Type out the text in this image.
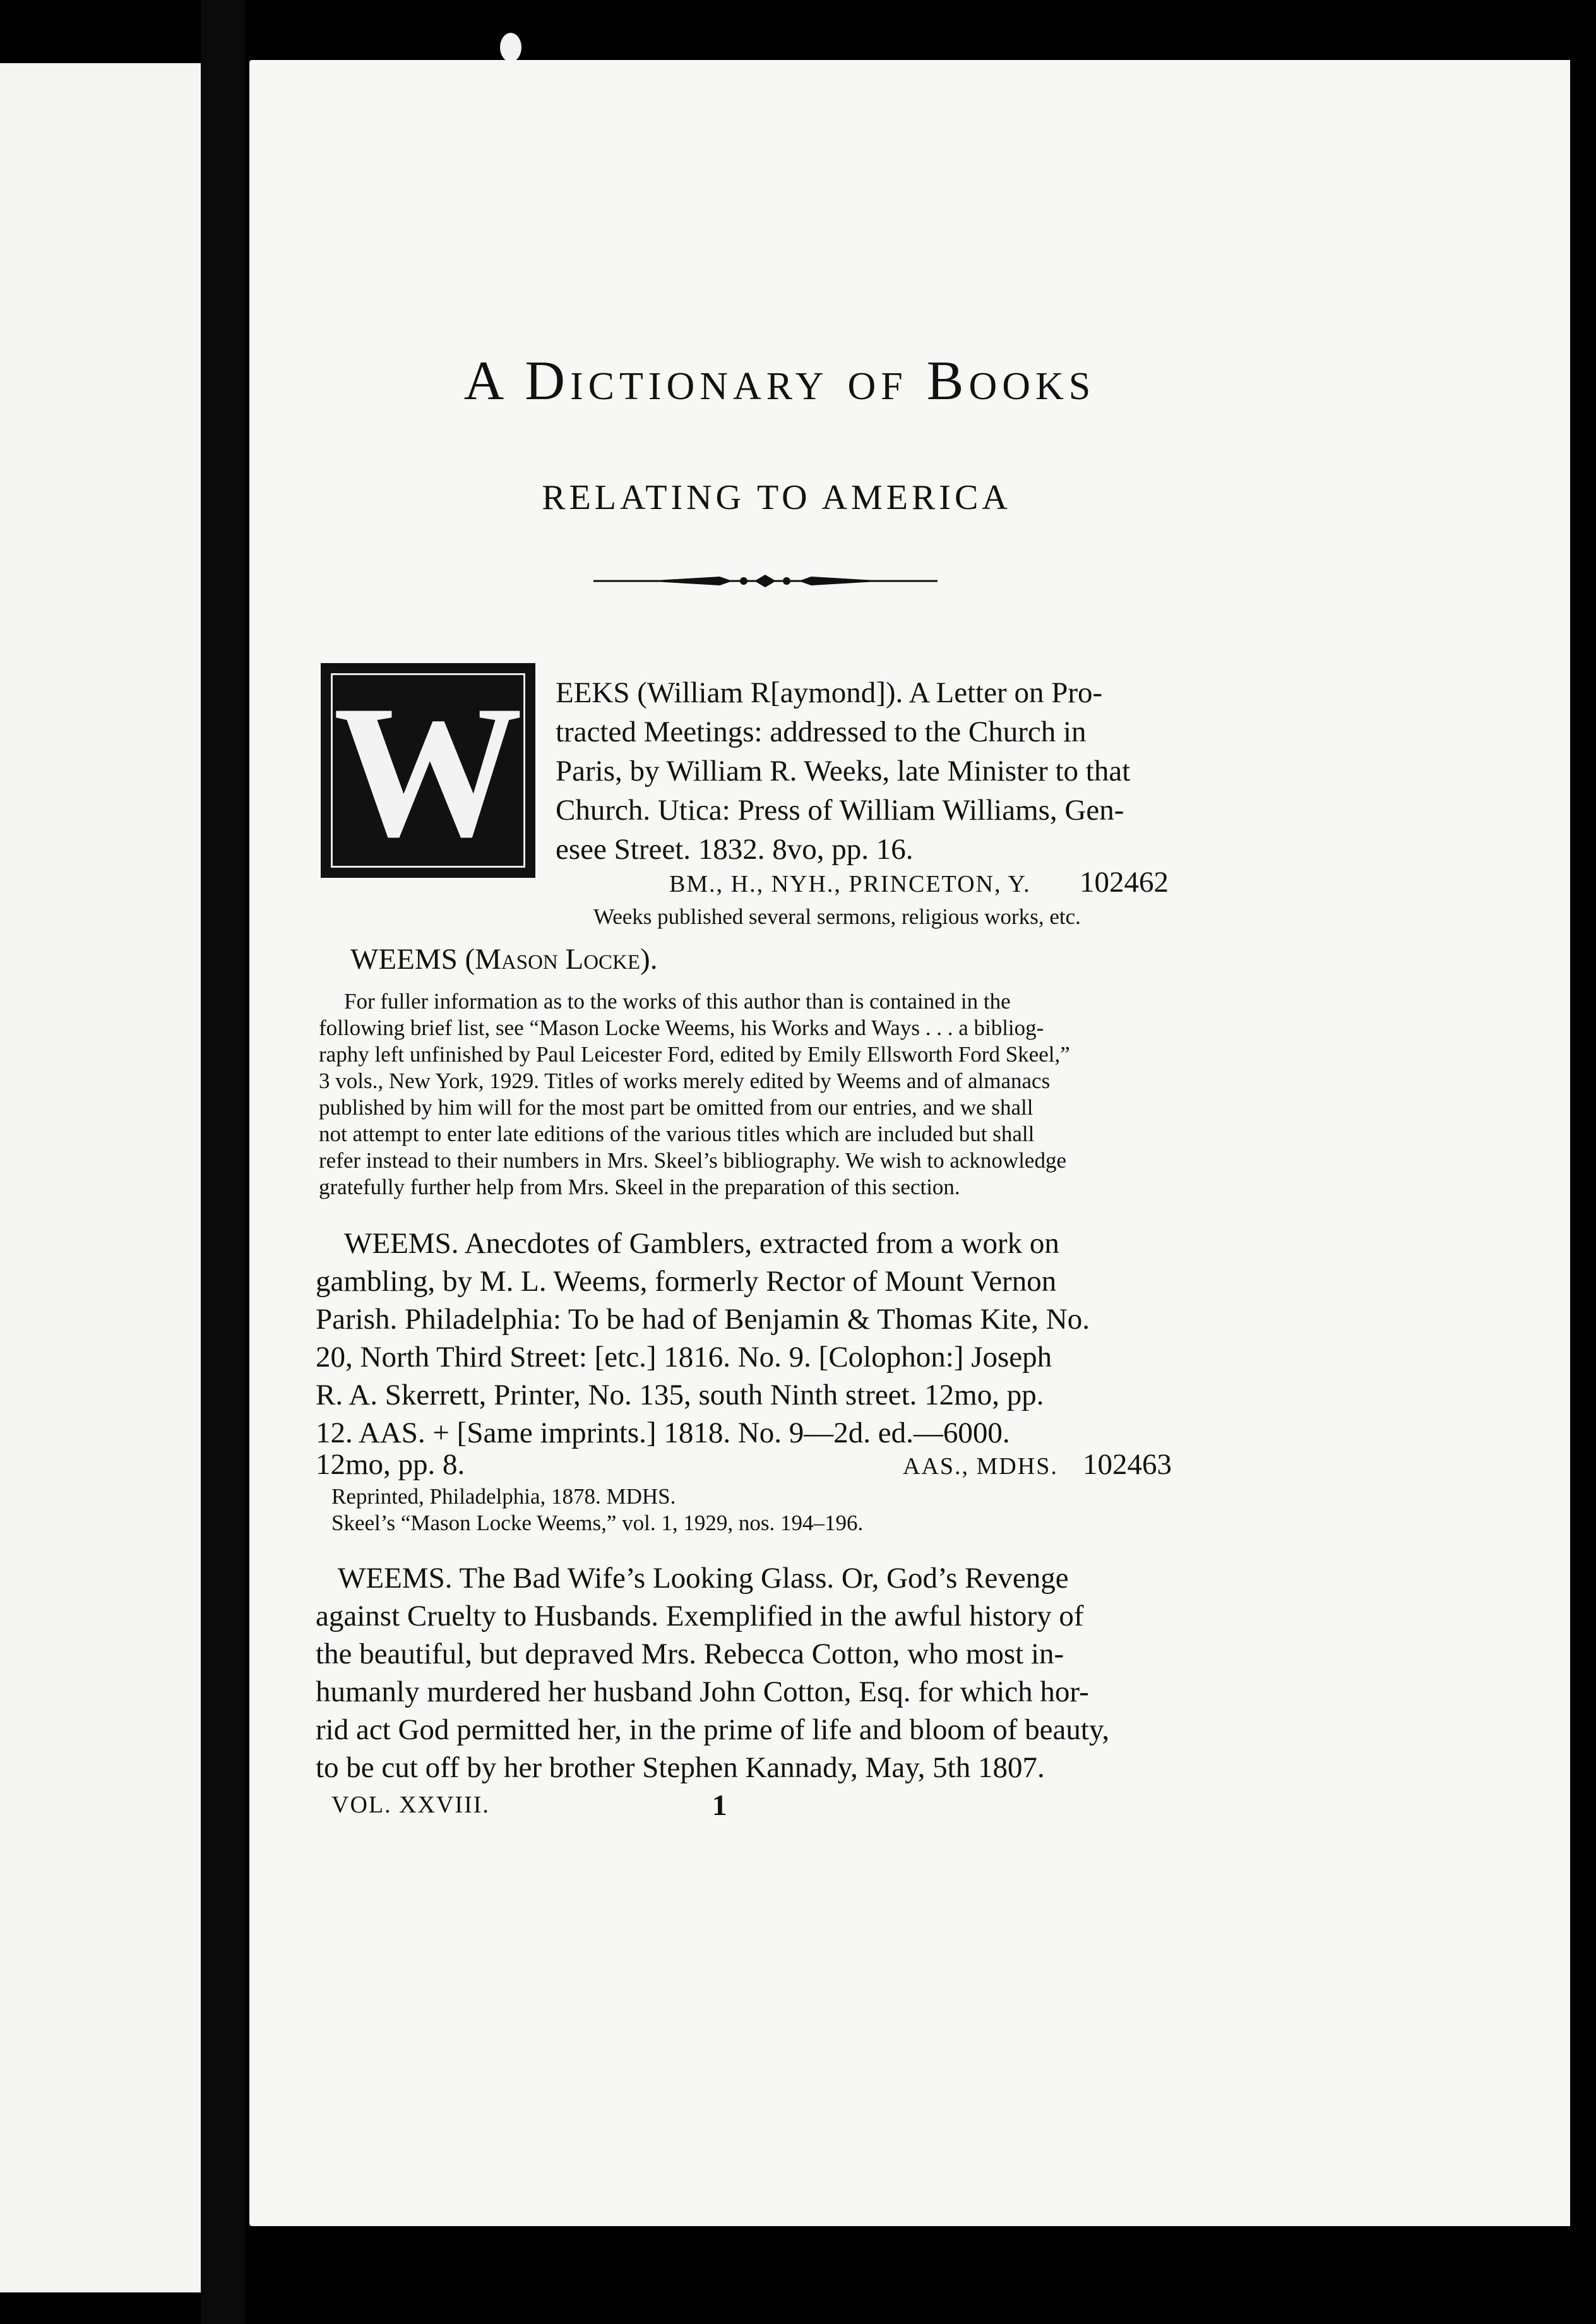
A Dictionary of Books
RELATING TO AMERICA
W EEKS (William R[aymond]). A Letter on Pro-
tracted Meetings: addressed to the Church in
Paris, by William R. Weeks, late Minister to that
Church. Utica: Press of William Williams, Gen-
esee Street. 1832. 8vo, pp. 16.
BM., H., NYH., PRINCETON, Y. 102462
Weeks published several sermons, religious works, etc.
WEEMS (Mason Locke).
For fuller information as to the works of this author than is contained in the
following brief list, see “Mason Locke Weems, his Works and Ways . . . a bibliog-
raphy left unfinished by Paul Leicester Ford, edited by Emily Ellsworth Ford Skeel,”
3 vols., New York, 1929. Titles of works merely edited by Weems and of almanacs
published by him will for the most part be omitted from our entries, and we shall
not attempt to enter late editions of the various titles which are included but shall
refer instead to their numbers in Mrs. Skeel’s bibliography. We wish to acknowledge
gratefully further help from Mrs. Skeel in the preparation of this section.
WEEMS. Anecdotes of Gamblers, extracted from a work on
gambling, by M. L. Weems, formerly Rector of Mount Vernon
Parish. Philadelphia: To be had of Benjamin & Thomas Kite, No.
20, North Third Street: [etc.] 1816. No. 9. [Colophon:] Joseph
R. A. Skerrett, Printer, No. 135, south Ninth street. 12mo, pp.
12. AAS. + [Same imprints.] 1818. No. 9—2d. ed.—6000.
12mo, pp. 8.	AAS., MDHS. 102463
Reprinted, Philadelphia, 1878. MDHS.
Skeel’s “Mason Locke Weems,” vol. 1, 1929, nos. 194–196.
WEEMS. The Bad Wife’s Looking Glass. Or, God’s Revenge
against Cruelty to Husbands. Exemplified in the awful history of
the beautiful, but depraved Mrs. Rebecca Cotton, who most in-
humanly murdered her husband John Cotton, Esq. for which hor-
rid act God permitted her, in the prime of life and bloom of beauty,
to be cut off by her brother Stephen Kannady, May, 5th 1807.
VOL. XXVIII.	1
